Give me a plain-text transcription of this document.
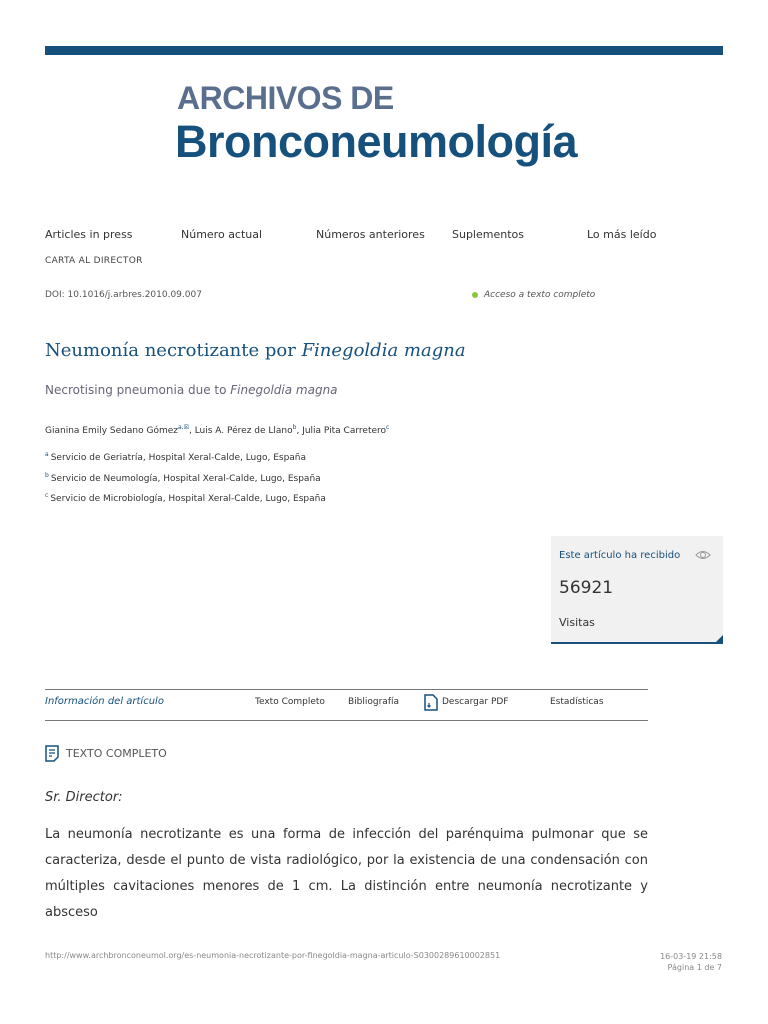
ARCHIVOS DE
Bronconeumología
Articles in press	Número actual	Números anteriores Suplementos	Lo más leído
CARTA AL DIRECTOR
DOI: 10.1016/j.arbres.2010.09.007	Acceso a texto completo
Neumonía necrotizante por Finegoldia magna
Necrotising pneumonia due to Finegoldia magna
Gianina Emily Sedano Gómez$^{a,☒}$, Luis A. Pérez de Llano$^b$, Julia Pita Carretero$^c$
$^a$ Servicio de Geriatría, Hospital Xeral-Calde, Lugo, España
$^b$ Servicio de Neumología, Hospital Xeral-Calde, Lugo, España
$^c$ Servicio de Microbiología, Hospital Xeral-Calde, Lugo, España
Este artículo ha recibido
56921
Visitas
Información del artículo	Texto Completo	Bibliografía	Descargar PDF	Estadísticas
TEXTO COMPLETO
Sr. Director:
La neumonía necrotizante es una forma de infección del parénquima pulmonar que se caracteriza, desde el punto de vista radiológico, por la existencia de una condensación con múltiples cavitaciones menores de 1 cm. La distinción entre neumonía necrotizante y absceso
http://www.archbronconeumol.org/es-neumonia-necrotizante-por-finegoldia-magna-articulo-S0300289610002851	16-03-19 21:58
Página 1 de 7
